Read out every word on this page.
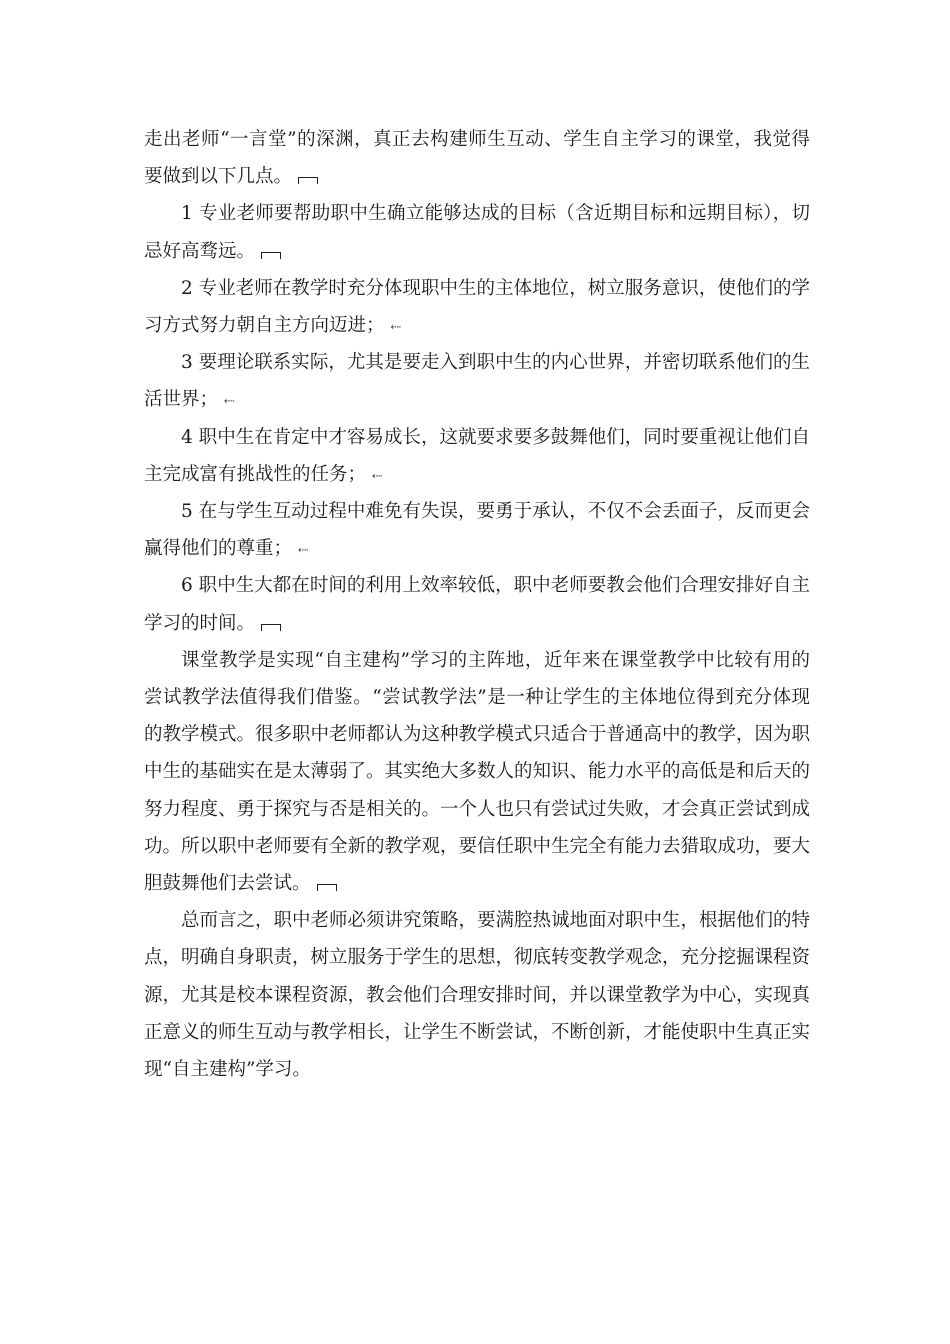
走出老师“一言堂”的深渊，真正去构建师生互动、学生自主学习的课堂，我觉得要做到以下几点。

1 专业老师要帮助职中生确立能够达成的目标（含近期目标和远期目标），切忌好高骛远。

2 专业老师在教学时充分体现职中生的主体地位，树立服务意识，使他们的学习方式努力朝自主方向迈进； ⇠

3 要理论联系实际，尤其是要走入到职中生的内心世界，并密切联系他们的生活世界； ⇠

4 职中生在肯定中才容易成长，这就要求要多鼓舞他们，同时要重视让他们自主完成富有挑战性的任务； ⇠

5 在与学生互动过程中难免有失误，要勇于承认，不仅不会丢面子，反而更会赢得他们的尊重； ⇠

6 职中生大都在时间的利用上效率较低，职中老师要教会他们合理安排好自主学习的时间。

课堂教学是实现“自主建构”学习的主阵地，近年来在课堂教学中比较有用的尝试教学法值得我们借鉴。“尝试教学法”是一种让学生的主体地位得到充分体现的教学模式。很多职中老师都认为这种教学模式只适合于普通高中的教学，因为职中生的基础实在是太薄弱了。其实绝大多数人的知识、能力水平的高低是和后天的努力程度、勇于探究与否是相关的。一个人也只有尝试过失败，才会真正尝试到成功。所以职中老师要有全新的教学观，要信任职中生完全有能力去猎取成功，要大胆鼓舞他们去尝试。

总而言之，职中老师必须讲究策略，要满腔热诚地面对职中生，根据他们的特点，明确自身职责，树立服务于学生的思想，彻底转变教学观念，充分挖掘课程资源，尤其是校本课程资源，教会他们合理安排时间，并以课堂教学为中心，实现真正意义的师生互动与教学相长，让学生不断尝试，不断创新，才能使职中生真正实现“自主建构”学习。
